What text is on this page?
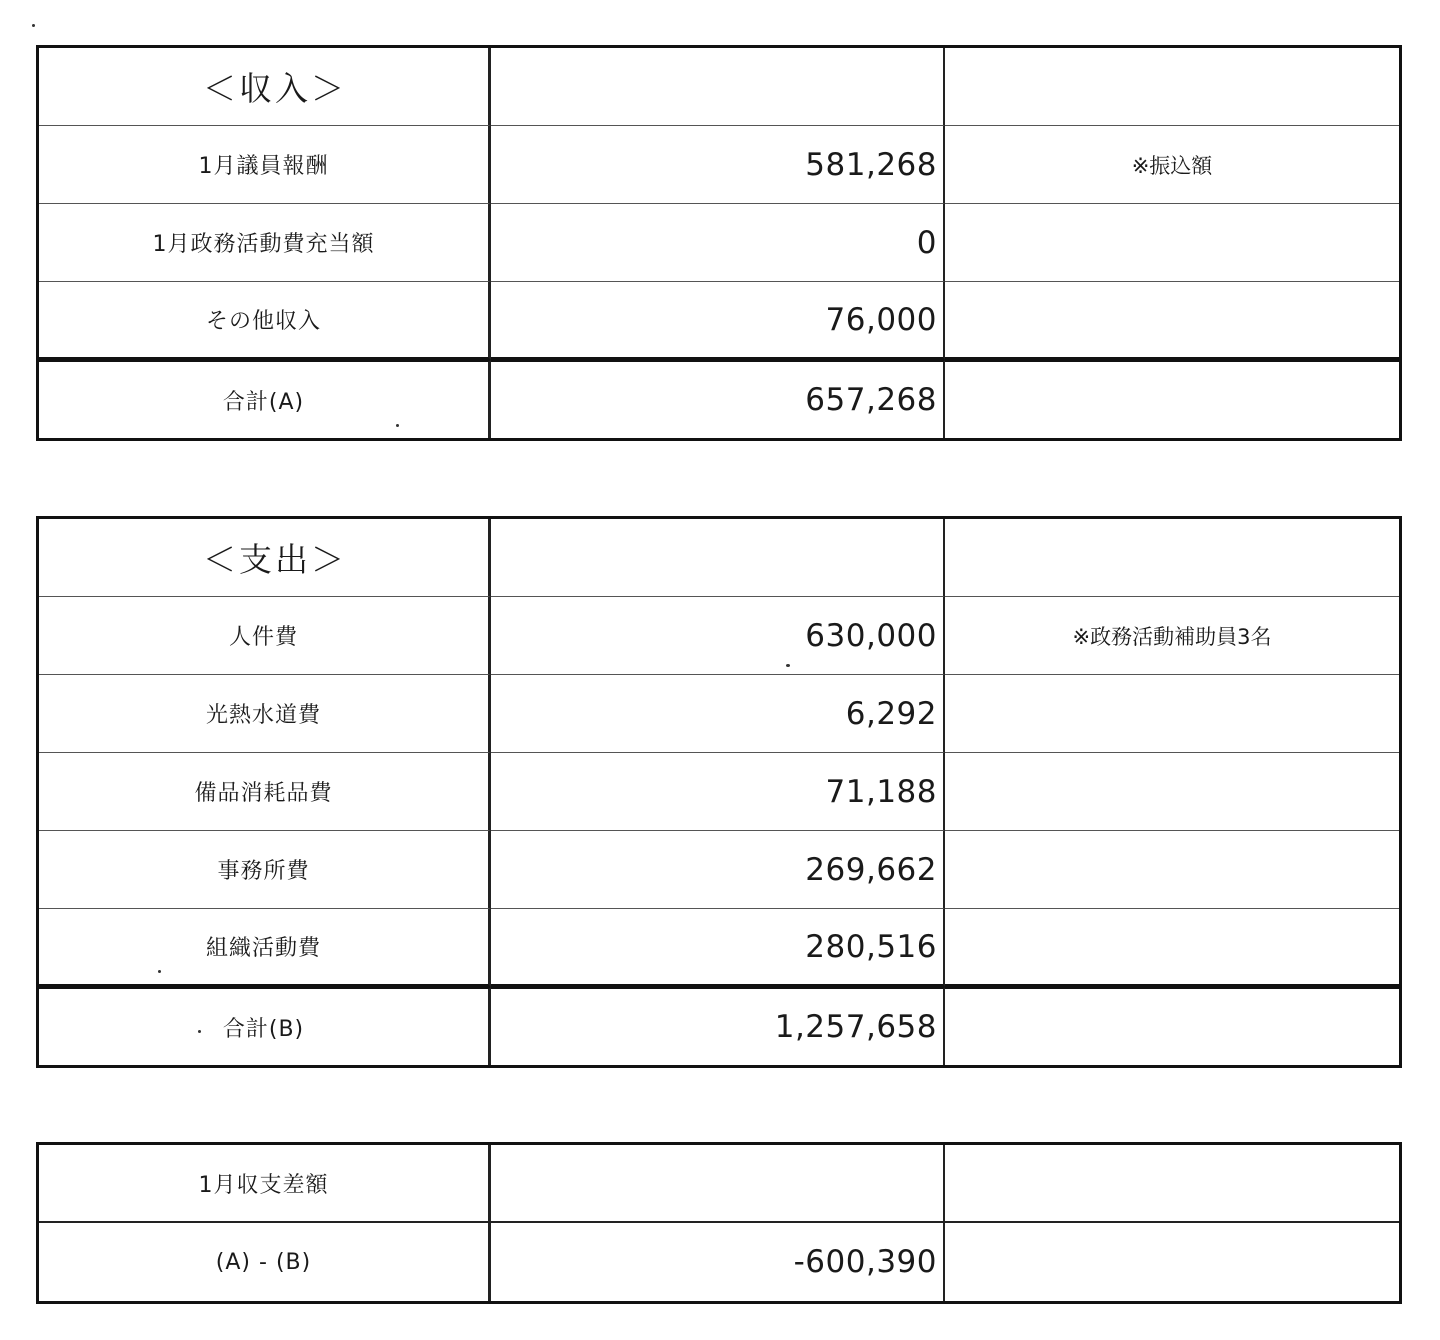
＜収入＞
1月議員報酬	581,268	※振込額
1月政務活動費充当額	0
その他収入	76,000
合計(A)	657,268
＜支出＞
人件費	630,000	※政務活動補助員3名
光熱水道費	6,292
備品消耗品費	71,188
事務所費	269,662
組織活動費	280,516
合計(B)	1,257,658
1月収支差額
(A) - (B)	-600,390
